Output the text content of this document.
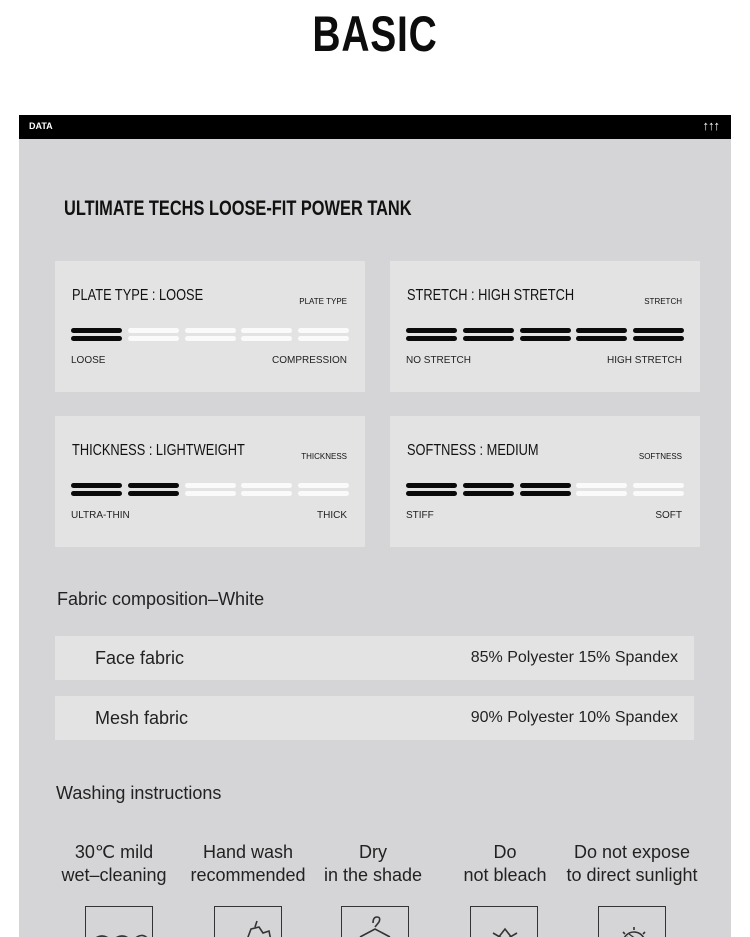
BASIC
DATA	↑↑↑
ULTIMATE TECHS LOOSE-FIT POWER TANK
PLATE TYPE : LOOSE	PLATE TYPE
LOOSE	COMPRESSION
STRETCH : HIGH STRETCH	STRETCH
NO STRETCH	HIGH STRETCH
THICKNESS : LIGHTWEIGHT	THICKNESS
ULTRA-THIN	THICK
SOFTNESS : MEDIUM	SOFTNESS
STIFF	SOFT
Fabric composition–White
Face fabric	85% Polyester 15% Spandex
Mesh fabric	90% Polyester 10% Spandex
Washing instructions
30℃ mild
wet–cleaning
Hand wash
recommended
Dry
in the shade
Do
not bleach
Do not expose
to direct sunlight
